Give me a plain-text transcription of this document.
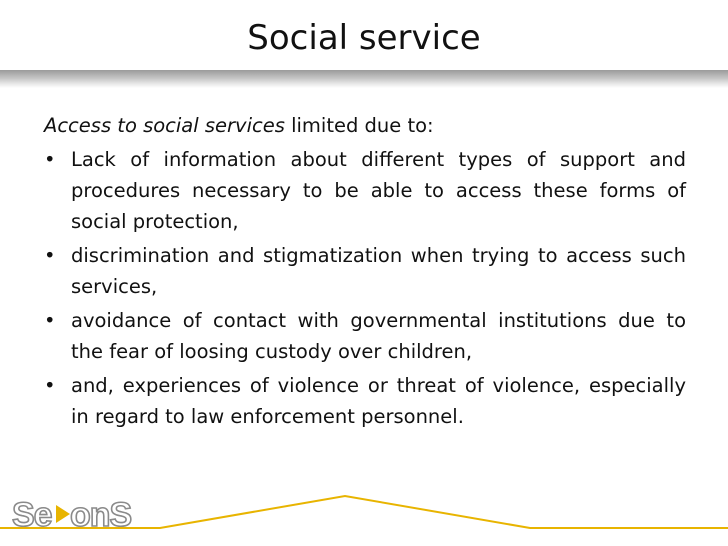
Social service

Access to social services limited due to:

• Lack of information about different types of support and procedures necessary to be able to access these forms of social protection,
• discrimination and stigmatization when trying to access such services,
• avoidance of contact with governmental institutions due to the fear of loosing custody over children,
• and, experiences of violence or threat of violence, especially in regard to law enforcement personnel.
Se onS
